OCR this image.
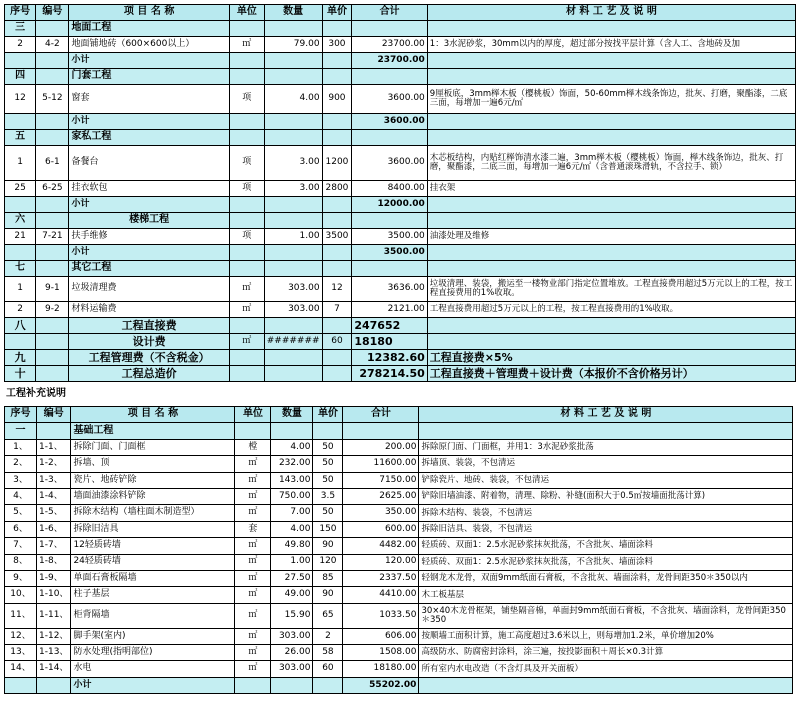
序号	编号	项 目 名 称	单位	数量	单价	合计	材 料 工 艺 及 说 明
三		地面工程					
2	4-2	地面铺地砖（600×600以上）	㎡	79.00	300	23700.00	1：3水泥砂浆，30mm以内的厚度，超过部分按找平层计算（含人工、含地砖及加
		小计				23700.00	
四		门套工程					
12	5-12	窗套	项	4.00	900	3600.00	9厘板底，3mm榉木板（樱桃板）饰面，50-60mm榉木线条饰边，批灰、打磨，聚酯漆，二底三面，每增加一遍6元/㎡
		小计				3600.00	
五		家私工程					
1	6-1	备餐台	项	3.00	1200	3600.00	木芯板结构，内贴红榉饰清水漆二遍，3mm榉木板（樱桃板）饰面，榉木线条饰边，批灰、打磨，聚酯漆，二底三面，每增加一遍6元/㎡（含普通滚珠滑轨，不含拉手、锁）
25	6-25	挂衣软包	项	3.00	2800	8400.00	挂衣架
		小计				12000.00	
六		楼梯工程					
21	7-21	扶手维修	项	1.00	3500	3500.00	油漆处理及维修
		小计				3500.00	
七		其它工程					
1	9-1	垃圾清理费	㎡	303.00	12	3636.00	垃圾清理、装袋，搬运至一楼物业部门指定位置堆放。工程直接费用超过5万元以上的工程，按工程直接费用的1%收取。
2	9-2	材料运输费	㎡	303.00	7	2121.00	工程直接费用超过5万元以上的工程，按工程直接费用的1%收取。
八		工程直接费				247652	
		设计费	㎡	#######	60	18180	
九		工程管理费（不含税金）				12382.60	工程直接费×5%
十		工程总造价				278214.50	工程直接费＋管理费＋设计费（本报价不含价格另计）
工程补充说明
序号	编号	项 目 名 称	单位	数量	单价	合计	材 料 工 艺 及 说 明
一		基础工程					
1、	1-1、	拆除门面、门面框	樘	4.00	50	200.00	拆除原门面、门面框，并用1：3水泥砂浆批荡
2、	1-2、	拆墙、顶	㎡	232.00	50	11600.00	拆墙顶、装袋，不包清运
3、	1-3、	瓷片、地砖铲除	㎡	143.00	50	7150.00	铲除瓷片、地砖、装袋，不包清运
4、	1-4、	墙面油漆涂料铲除	㎡	750.00	3.5	2625.00	铲除旧墙油漆、附着物，清理、除粉、补缝(面积大于0.5㎡按墙面批荡计算)
5、	1-5、	拆除木结构（墙柱面木制造型）	㎡	7.00	50	350.00	拆除木结构、装袋，不包清运
6、	1-6、	拆除旧洁具	套	4.00	150	600.00	拆除旧洁具、装袋，不包清运
7、	1-7、	12轻质砖墙	㎡	49.80	90	4482.00	轻质砖、双面1：2.5水泥砂浆抹灰批荡，不含批灰、墙面涂料
8、	1-8、	24轻质砖墙	㎡	1.00	120	120.00	轻质砖、双面1：2.5水泥砂浆抹灰批荡，不含批灰、墙面涂料
9、	1-9、	单面石膏板隔墙	㎡	27.50	85	2337.50	轻钢龙木龙骨，双面9mm纸面石膏板，不含批灰、墙面涂料，龙骨间距350＊350以内
10、	1-10、	柱子基层	㎡	49.00	90	4410.00	木工板基层
11、	1-11、	柜背隔墙	㎡	15.90	65	1033.50	30×40木龙骨框架，铺垫隔音棉，单面封9mm纸面石膏板，不含批灰、墙面涂料，龙骨间距350＊350
12、	1-12、	脚手架(室内)	㎡	303.00	2	606.00	按顺墙工面积计算，施工高度超过3.6米以上，则每增加1.2米，单价增加20%
13、	1-13、	防水处理(指明部位)	㎡	26.00	58	1508.00	高级防水、防腐密封涂料，涂三遍，按投影面积＋周长×0.3计算
14、	1-14、	水电	㎡	303.00	60	18180.00	所有室内水电改造（不含灯具及开关面板）
		小计				55202.00	
